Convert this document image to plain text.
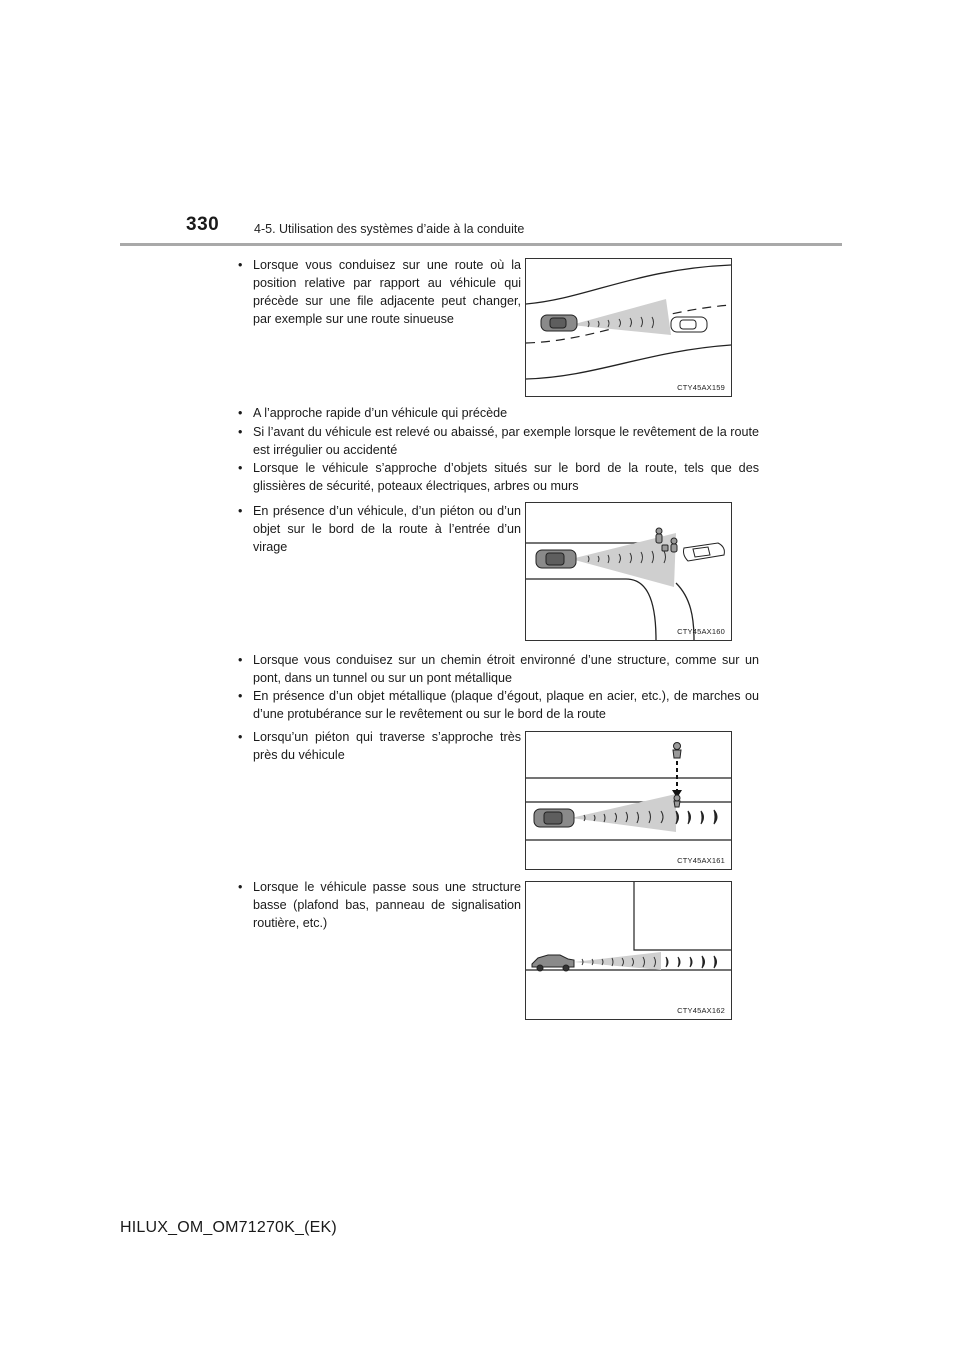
330	4-5. Utilisation des systèmes d’aide à la conduite
• Lorsque vous conduisez sur une route où la position relative par rapport au véhicule qui précède sur une file adjacente peut changer, par exemple sur une route sinueuse
CTY45AX159
• A l’approche rapide d’un véhicule qui précède
• Si l’avant du véhicule est relevé ou abaissé, par exemple lorsque le revêtement de la route est irrégulier ou accidenté
• Lorsque le véhicule s’approche d’objets situés sur le bord de la route, tels que des glissières de sécurité, poteaux électriques, arbres ou murs
• En présence d’un véhicule, d’un piéton ou d’un objet sur le bord de la route à l’entrée d’un virage
CTY45AX160
• Lorsque vous conduisez sur un chemin étroit environné d’une structure, comme sur un pont, dans un tunnel ou sur un pont métallique
• En présence d’un objet métallique (plaque d’égout, plaque en acier, etc.), de marches ou d’une protubérance sur le revêtement ou sur le bord de la route
• Lorsqu’un piéton qui traverse s’approche très près du véhicule
CTY45AX161
• Lorsque le véhicule passe sous une structure basse (plafond bas, panneau de signalisation routière, etc.)
CTY45AX162
HILUX_OM_OM71270K_(EK)
